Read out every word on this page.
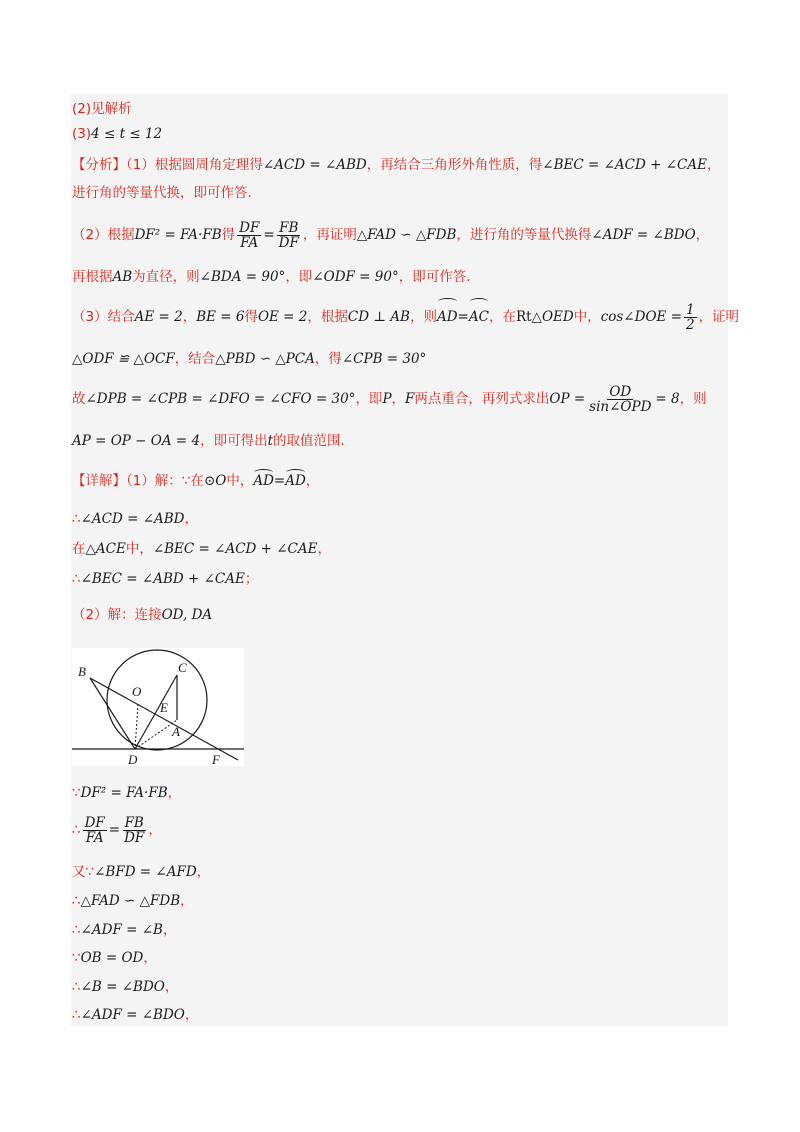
(2)见解析
(3)4 ≤ t ≤ 12
【分析】（1）根据圆周角定理得∠ACD = ∠ABD，再结合三角形外角性质，得∠BEC = ∠ACD + ∠CAE，
进行角的等量代换，即可作答.
（2）根据DF² = FA·FB得 $\frac{DF}{FA} = \frac{FB}{DF}$ ，再证明△FAD ∽ △FDB，进行角的等量代换得∠ADF = ∠BDO，
再根据AB为直径，则∠BDA = 90°，即∠ODF = 90°，即可作答.
（3）结合AE = 2，BE = 6得OE = 2，根据CD ⊥ AB，则AD=AC，在Rt△OED中，cos∠DOE = $\frac{1}{2}$ ，证明
△ODF ≌ △OCF，结合△PBD ∽ △PCA，得∠CPB = 30°
故∠DPB = ∠CPB = ∠DFO = ∠CFO = 30°，即P，F两点重合，再列式求出OP = $\frac{OD}{\text{sin∠OPD}} = 8$，则
AP = OP − OA = 4，即可得出t的取值范围.
【详解】（1）解：∵在⊙O中，AD=AD，
∴∠ACD = ∠ABD，
在△ACE中，∠BEC = ∠ACD + ∠CAE，
∴∠BEC = ∠ABD + ∠CAE；
（2）解：连接OD, DA
B
O
C
E
A
D	F
∵DF² = FA·FB，
∴ $\frac{DF}{FA} = \frac{FB}{DF}$ ，
又∵∠BFD = ∠AFD，
∴△FAD ∽ △FDB，
∴∠ADF = ∠B，
∵OB = OD，
∴∠B = ∠BDO，
∴∠ADF = ∠BDO，
